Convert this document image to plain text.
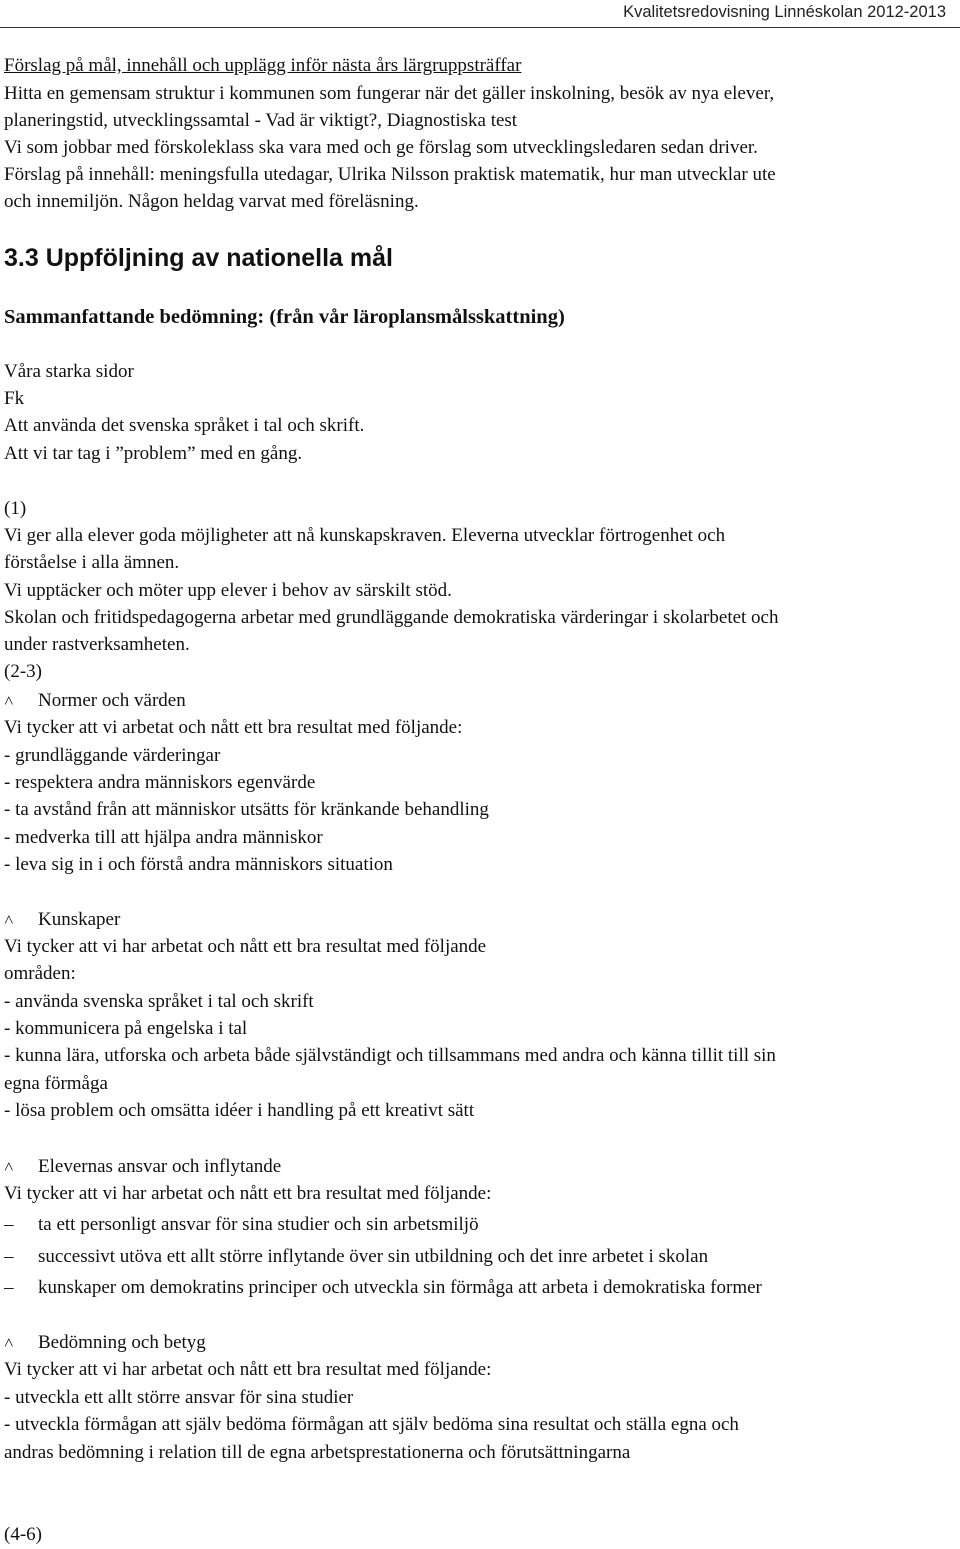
Kvalitetsredovisning Linnéskolan 2012-2013
Förslag på mål, innehåll och upplägg inför nästa års lärgruppsträffar
Hitta en gemensam struktur i kommunen som fungerar när det gäller inskolning, besök av nya elever,
planeringstid, utvecklingssamtal - Vad är viktigt?, Diagnostiska test
Vi som jobbar med förskoleklass ska vara med och ge förslag som utvecklingsledaren sedan driver.
Förslag på innehåll: meningsfulla utedagar, Ulrika Nilsson praktisk matematik, hur man utvecklar ute
och innemiljön. Någon heldag varvat med föreläsning.
3.3 Uppföljning av nationella mål
Sammanfattande bedömning: (från vår läroplansmålsskattning)
Våra starka sidor
Fk
Att använda det svenska språket i tal och skrift.
Att vi tar tag i ”problem” med en gång.
(1)
Vi ger alla elever goda möjligheter att nå kunskapskraven. Eleverna utvecklar förtrogenhet och
förståelse i alla ämnen.
Vi upptäcker och möter upp elever i behov av särskilt stöd.
Skolan och fritidspedagogerna arbetar med grundläggande demokratiska värderingar i skolarbetet och
under rastverksamheten.
(2-3)
˄ Normer och värden
Vi tycker att vi arbetat och nått ett bra resultat med följande:
- grundläggande värderingar
- respektera andra människors egenvärde
- ta avstånd från att människor utsätts för kränkande behandling
- medverka till att hjälpa andra människor
- leva sig in i och förstå andra människors situation
˄ Kunskaper
Vi tycker att vi har arbetat och nått ett bra resultat med följande
områden:
- använda svenska språket i tal och skrift
- kommunicera på engelska i tal
- kunna lära, utforska och arbeta både självständigt och tillsammans med andra och känna tillit till sin
egna förmåga
- lösa problem och omsätta idéer i handling på ett kreativt sätt
˄ Elevernas ansvar och inflytande
Vi tycker att vi har arbetat och nått ett bra resultat med följande:
– ta ett personligt ansvar för sina studier och sin arbetsmiljö
– successivt utöva ett allt större inflytande över sin utbildning och det inre arbetet i skolan
– kunskaper om demokratins principer och utveckla sin förmåga att arbeta i demokratiska former
˄ Bedömning och betyg
Vi tycker att vi har arbetat och nått ett bra resultat med följande:
- utveckla ett allt större ansvar för sina studier
- utveckla förmågan att själv bedöma förmågan att själv bedöma sina resultat och ställa egna och
andras bedömning i relation till de egna arbetsprestationerna och förutsättningarna
(4-6)
